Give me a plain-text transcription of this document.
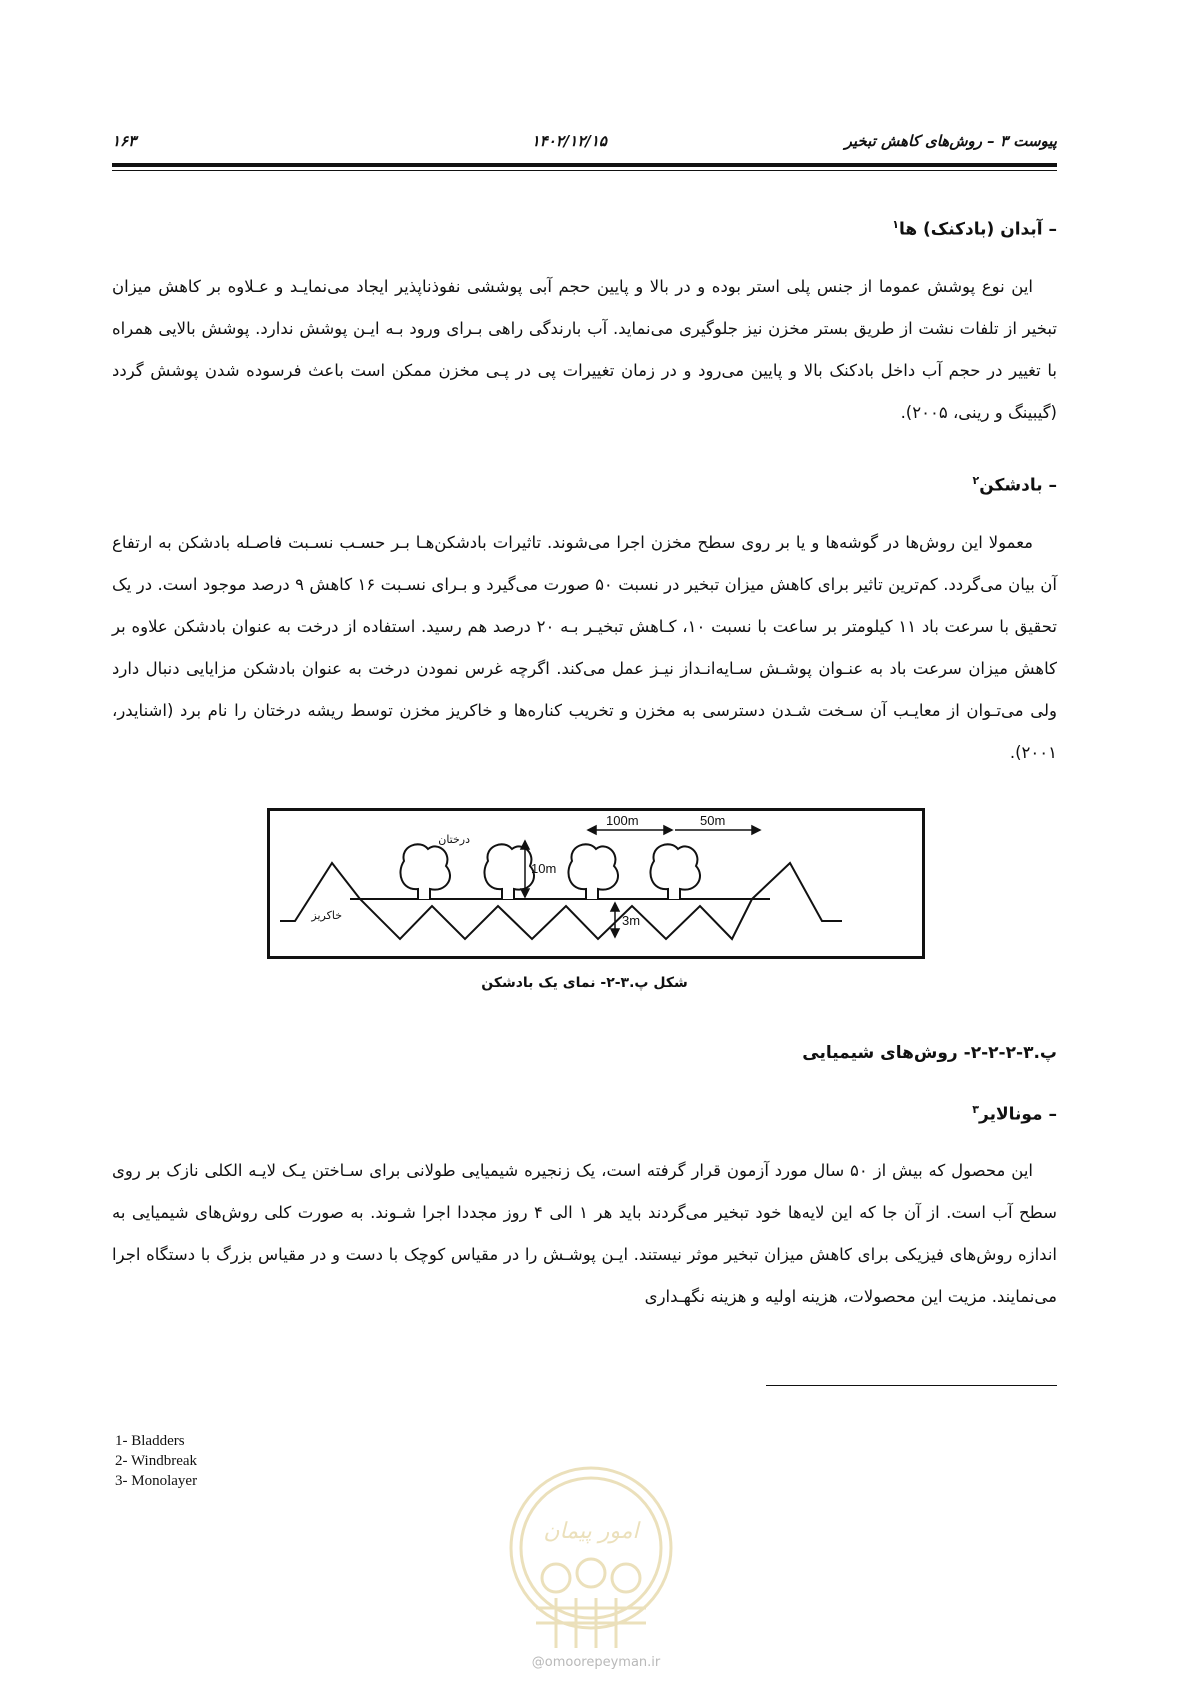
پیوست ۳ – روش‌های کاهش تبخیر
۱۴۰۲/۱۲/۱۵
۱۶۳
– آبدان (بادکنک) ها$^۱$

این نوع پوشش عموما از جنس پلی استر بوده و در بالا و پایین حجم آبی پوششی نفوذناپذیر ایجاد می‌نمایـد و عـلاوه بر کاهش میزان تبخیر از تلفات نشت از طریق بستر مخزن نیز جلوگیری می‌نماید. آب بارندگی راهی بـرای ورود بـه ایـن پوشش ندارد. پوشش بالایی همراه با تغییر در حجم آب داخل بادکنک بالا و پایین می‌رود و در زمان تغییرات پی در پـی مخزن ممکن است باعث فرسوده شدن پوشش گردد (گیبینگ و رینی، ۲۰۰۵).

– بادشکن$^۲$

معمولا این روش‌ها در گوشه‌ها و یا بر روی سطح مخزن اجرا می‌شوند. تاثیرات بادشکن‌هـا بـر حسـب نسـبت فاصـله بادشکن به ارتفاع آن بیان می‌گردد. کم‌ترین تاثیر برای کاهش میزان تبخیر در نسبت ۵۰ صورت می‌گیرد و بـرای نسـبت ۱۶ کاهش ۹ درصد موجود است. در یک تحقیق با سرعت باد ۱۱ کیلومتر بر ساعت با نسبت ۱۰، کـاهش تبخیـر بـه ۲۰ درصد هم رسید. استفاده از درخت به عنوان بادشکن علاوه بر کاهش میزان سرعت باد به عنـوان پوشـش سـایه‌انـداز نیـز عمل می‌کند. اگرچه غرس نمودن درخت به عنوان بادشکن مزایایی دنبال دارد ولی می‌تـوان از معایـب آن سـخت شـدن دسترسی به مخزن و تخریب کناره‌ها و خاکریز مخزن توسط ریشه درختان را نام برد (اشنایدر، ۲۰۰۱).

100m	50m
10m
3m
درختان
خاکریز
شکل پ.۳-۲- نمای یک بادشکن
پ.۳-۲-۲-۲- روش‌های شیمیایی
– مونالایر$^۳$

این محصول که بیش از ۵۰ سال مورد آزمون قرار گرفته است، یک زنجیره شیمیایی طولانی برای سـاختن یـک لایـه الکلی نازک بر روی سطح آب است. از آن جا که این لایه‌ها خود تبخیر می‌گردند باید هر ۱ الی ۴ روز مجددا اجرا شـوند. به صورت کلی روش‌های شیمیایی به اندازه روش‌های فیزیکی برای کاهش میزان تبخیر موثر نیستند. ایـن پوشـش را در مقیاس کوچک با دست و در مقیاس بزرگ با دستگاه اجرا می‌نمایند. مزیت این محصولات، هزینه اولیه و هزینه نگهـداری

1- Bladders
2- Windbreak
3- Monolayer
امور پیمان
@omoorepeyman.ir
